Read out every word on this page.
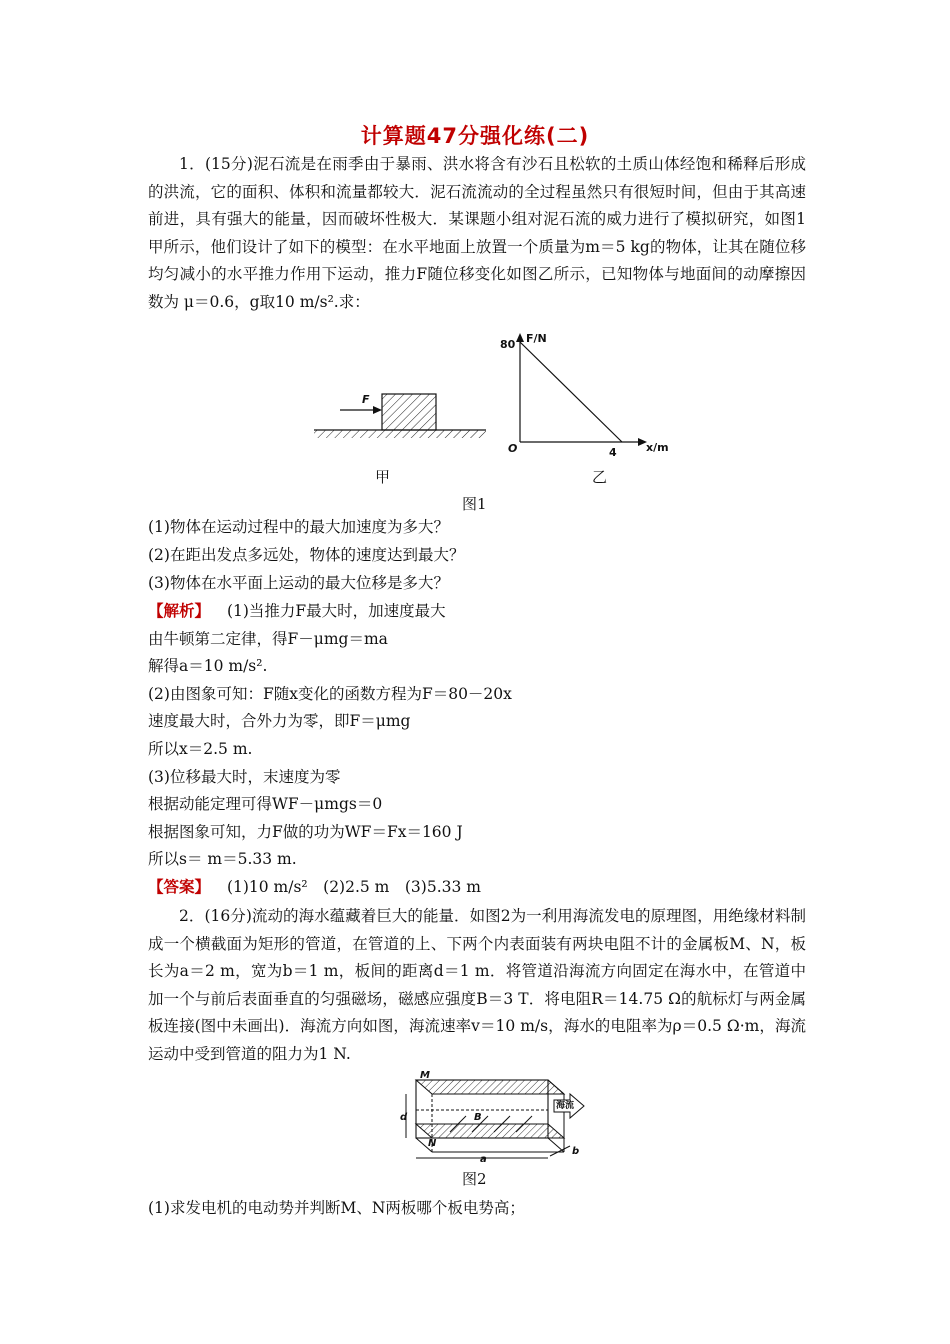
计算题47分强化练(二)

1．(15分)泥石流是在雨季由于暴雨、洪水将含有沙石且松软的土质山体经饱和稀释后形成的洪流，它的面积、体积和流量都较大．泥石流流动的全过程虽然只有很短时间，但由于其高速前进，具有强大的能量，因而破坏性极大．某课题小组对泥石流的威力进行了模拟研究，如图1甲所示，他们设计了如下的模型：在水平地面上放置一个质量为m＝5 kg的物体，让其在随位移均匀减小的水平推力作用下运动，推力F随位移变化如图乙所示，已知物体与地面间的动摩擦因数为 μ＝0.6，g取10 m/s².求：

F
F/N
80
O	4	x/m
甲	乙
图1
(1)物体在运动过程中的最大加速度为多大？
(2)在距出发点多远处，物体的速度达到最大？
(3)物体在水平面上运动的最大位移是多大？
【解析】 (1)当推力F最大时，加速度最大
由牛顿第二定律，得F－μmg＝ma
解得a＝10 m/s².
(2)由图象可知：F随x变化的函数方程为F＝80－20x
速度最大时，合外力为零，即F＝μmg
所以x＝2.5 m.
(3)位移最大时，末速度为零
根据动能定理可得WF－μmgs＝0
根据图象可知，力F做的功为WF＝Fx＝160 J
所以s＝ m＝5.33 m.
【答案】 (1)10 m/s²　(2)2.5 m　(3)5.33 m

2．(16分)流动的海水蕴藏着巨大的能量．如图2为一利用海流发电的原理图，用绝缘材料制成一个横截面为矩形的管道，在管道的上、下两个内表面装有两块电阻不计的金属板M、N，板长为a＝2 m，宽为b＝1 m，板间的距离d＝1 m．将管道沿海流方向固定在海水中，在管道中加一个与前后表面垂直的匀强磁场，磁感应强度B＝3 T．将电阻R＝14.75 Ω的航标灯与两金属板连接(图中未画出)．海流方向如图，海流速率v＝10 m/s，海水的电阻率为ρ＝0.5 Ω·m，海流运动中受到管道的阻力为1 N.

海流
M
N
B
d
a
b
图2
(1)求发电机的电动势并判断M、N两板哪个板电势高；
